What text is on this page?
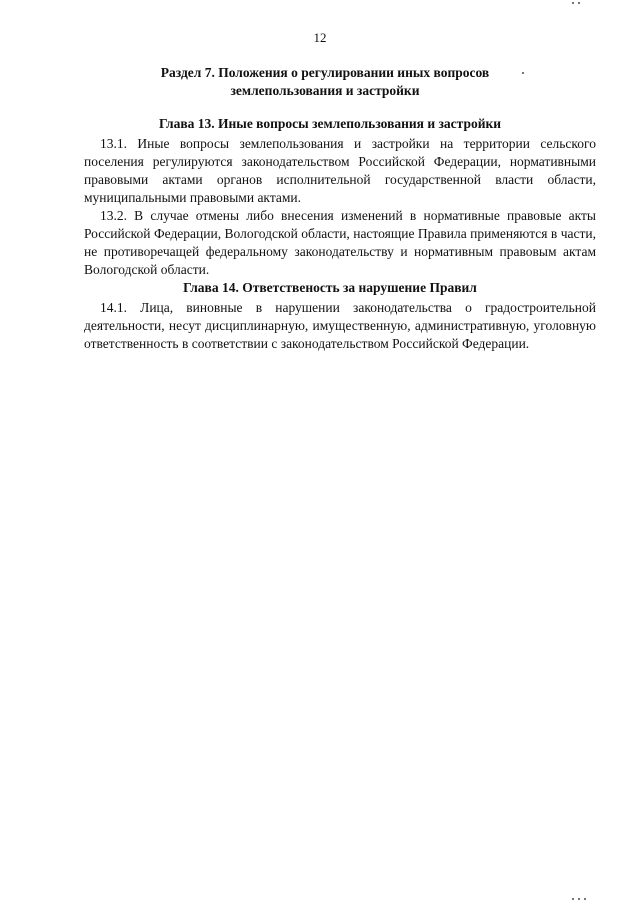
12
Раздел 7. Положения о регулировании иных вопросов
землепользования и застройки
Глава 13. Иные вопросы землепользования и застройки

13.1. Иные вопросы землепользования и застройки на территории сельского поселения регулируются законодательством Российской Федерации, нормативными правовыми актами органов исполнительной государственной власти области, муниципальными правовыми актами.

13.2. В случае отмены либо внесения изменений в нормативные правовые акты Российской Федерации, Вологодской области, настоящие Правила применяются в части, не противоречащей федеральному законодательству и нормативным правовым актам Вологодской области.

Глава 14. Ответственость за нарушение Правил

14.1. Лица, виновные в нарушении законодательства о градостроительной деятельности, несут дисциплинарную, имущественную, административную, уголовную ответственность в соответствии с законодательством Российской Федерации.
